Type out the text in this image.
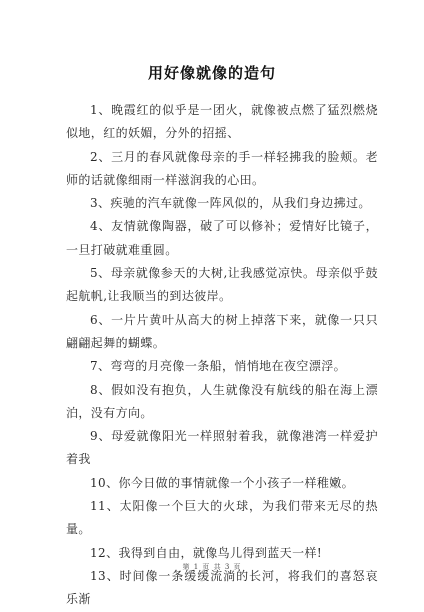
用好像就像的造句

1、晚霞红的似乎是一团火，就像被点燃了猛烈燃烧似地，红的妖媚，分外的招摇、

2、三月的春风就像母亲的手一样轻拂我的脸颊。老师的话就像细雨一样滋润我的心田。

3、疾驰的汽车就像一阵风似的，从我们身边拂过。

4、友情就像陶器，破了可以修补；爱情好比镜子，一旦打破就难重圆。

5、母亲就像参天的大树,让我感觉凉快。母亲似乎鼓起航帆,让我顺当的到达彼岸。

6、一片片黄叶从高大的树上掉落下来，就像一只只翩翩起舞的蝴蝶。

7、弯弯的月亮像一条船，悄悄地在夜空漂浮。

8、假如没有抱负，人生就像没有航线的船在海上漂泊，没有方向。

9、母爱就像阳光一样照射着我，就像港湾一样爱护着我

10、你今日做的事情就像一个小孩子一样稚嫩。

11、太阳像一个巨大的火球，为我们带来无尽的热量。

12、我得到自由，就像鸟儿得到蓝天一样!

13、时间像一条缓缓流淌的长河，将我们的喜怒哀乐渐

第 1 页 共 3 页
